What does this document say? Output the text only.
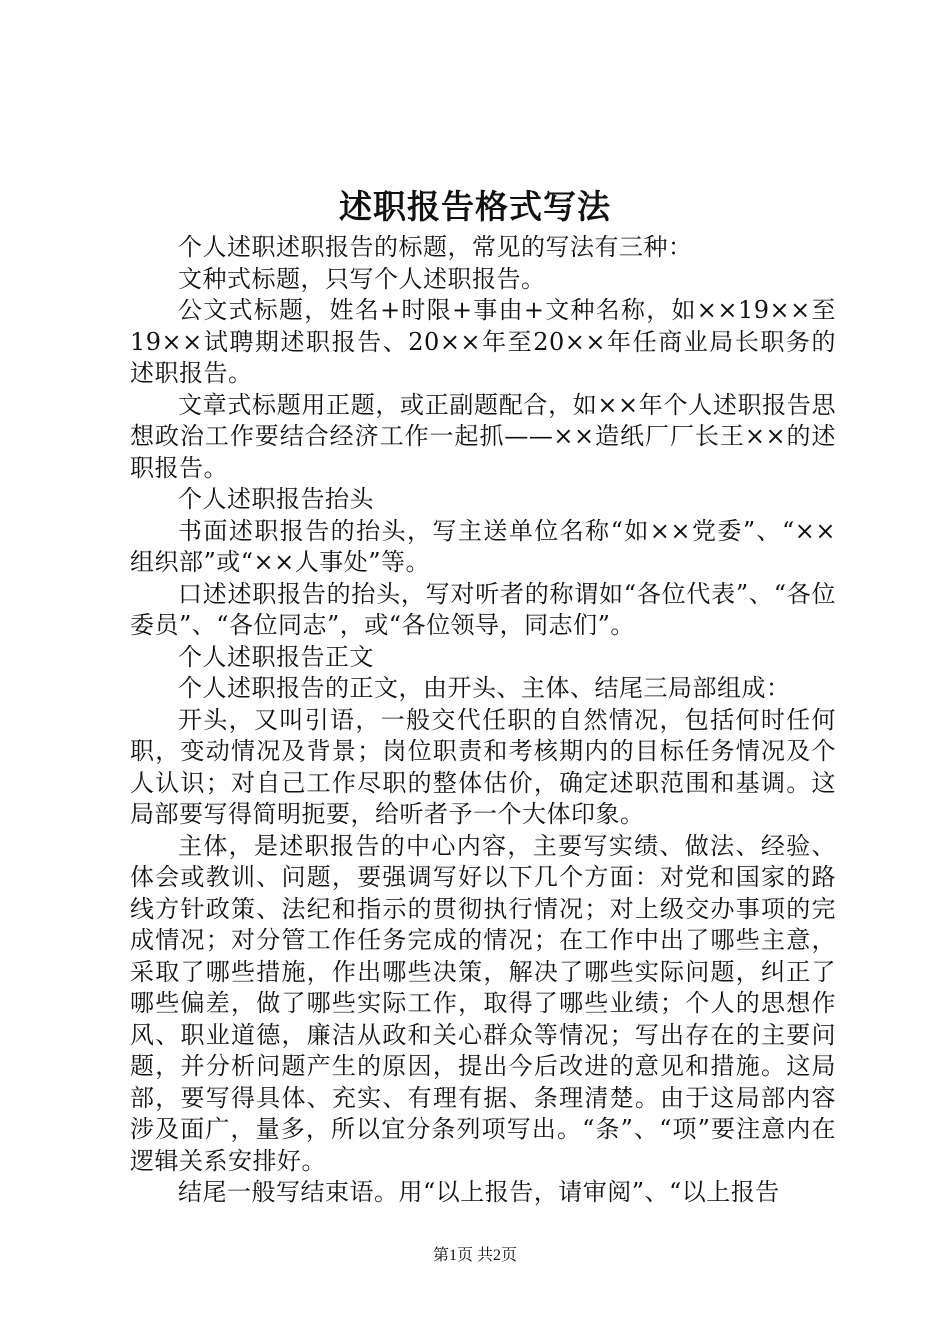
述职报告格式写法

个人述职述职报告的标题，常见的写法有三种：

文种式标题，只写个人述职报告。

公文式标题，姓名+时限+事由+文种名称，如××19××至19××试聘期述职报告、20××年至20××年任商业局长职务的述职报告。

文章式标题用正题，或正副题配合，如××年个人述职报告思想政治工作要结合经济工作一起抓——××造纸厂厂长王××的述职报告。

个人述职报告抬头

书面述职报告的抬头，写主送单位名称“如××党委”、“××组织部”或“××人事处”等。

口述述职报告的抬头，写对听者的称谓如“各位代表”、“各位委员”、“各位同志”，或“各位领导，同志们”。

个人述职报告正文

个人述职报告的正文，由开头、主体、结尾三局部组成：

开头，又叫引语，一般交代任职的自然情况，包括何时任何职，变动情况及背景；岗位职责和考核期内的目标任务情况及个人认识；对自己工作尽职的整体估价，确定述职范围和基调。这局部要写得简明扼要，给听者予一个大体印象。

主体，是述职报告的中心内容，主要写实绩、做法、经验、体会或教训、问题，要强调写好以下几个方面：对党和国家的路线方针政策、法纪和指示的贯彻执行情况；对上级交办事项的完成情况；对分管工作任务完成的情况；在工作中出了哪些主意，采取了哪些措施，作出哪些决策，解决了哪些实际问题，纠正了哪些偏差，做了哪些实际工作，取得了哪些业绩；个人的思想作风、职业道德，廉洁从政和关心群众等情况；写出存在的主要问题，并分析问题产生的原因，提出今后改进的意见和措施。这局部，要写得具体、充实、有理有据、条理清楚。由于这局部内容涉及面广，量多，所以宜分条列项写出。“条”、“项”要注意内在逻辑关系安排好。

结尾一般写结束语。用“以上报告，请审阅”、“以上报告

第1页 共2页
